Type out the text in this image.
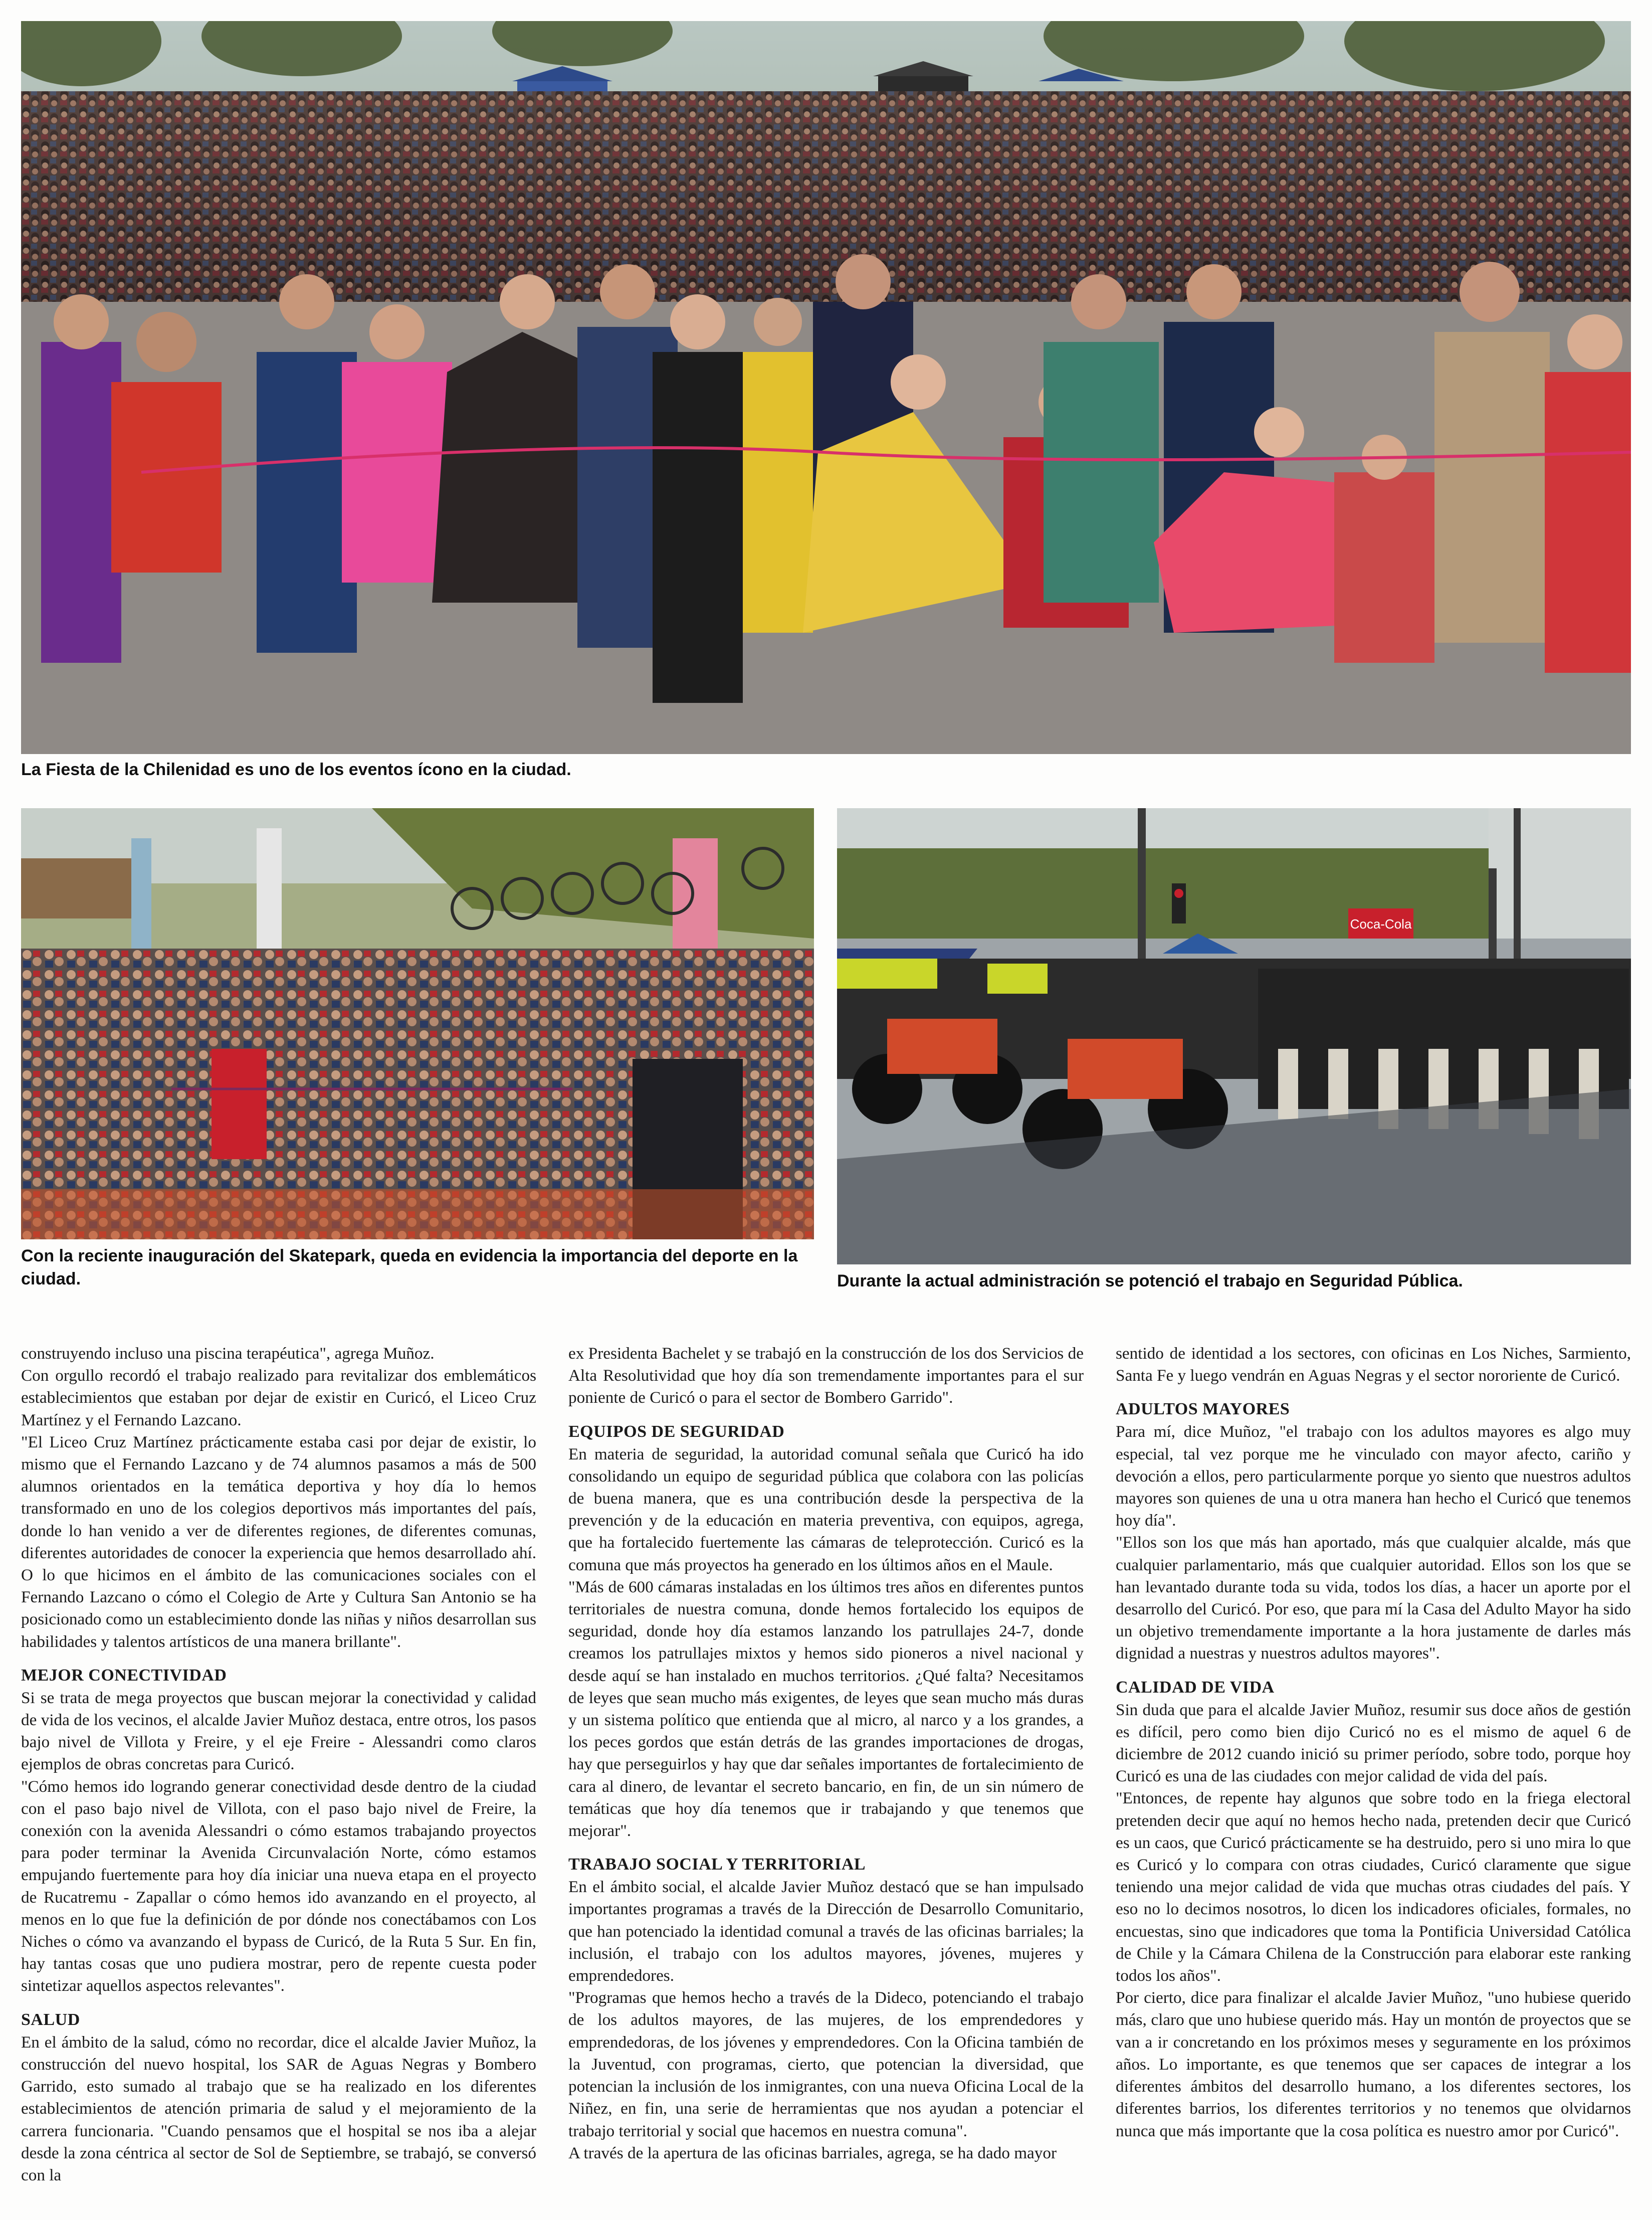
La Fiesta de la Chilenidad es uno de los eventos ícono en la ciudad.

Con la reciente inauguración del Skatepark, queda en evidencia la importancia del deporte en la ciudad.

Coca-Cola

Durante la actual administración se potenció el trabajo en Seguridad Pública.

construyendo incluso una piscina terapéutica", agrega Muñoz.

Con orgullo recordó el trabajo realizado para revitalizar dos emblemáticos establecimientos que estaban por dejar de existir en Curicó, el Liceo Cruz Martínez y el Fernando Lazcano.

"El Liceo Cruz Martínez prácticamente estaba casi por dejar de existir, lo mismo que el Fernando Lazcano y de 74 alumnos pasamos a más de 500 alumnos orientados en la temática deportiva y hoy día lo hemos transformado en uno de los colegios deportivos más importantes del país, donde lo han venido a ver de diferentes regiones, de diferentes comunas, diferentes autoridades de conocer la experiencia que hemos desarrollado ahí. O lo que hicimos en el ámbito de las comunicaciones sociales con el Fernando Lazcano o cómo el Colegio de Arte y Cultura San Antonio se ha posicionado como un establecimiento donde las niñas y niños desarrollan sus habilidades y talentos artísticos de una manera brillante".

MEJOR CONECTIVIDAD

Si se trata de mega proyectos que buscan mejorar la conectividad y calidad de vida de los vecinos, el alcalde Javier Muñoz destaca, entre otros, los pasos bajo nivel de Villota y Freire, y el eje Freire - Alessandri como claros ejemplos de obras concretas para Curicó.

"Cómo hemos ido logrando generar conectividad desde dentro de la ciudad con el paso bajo nivel de Villota, con el paso bajo nivel de Freire, la conexión con la avenida Alessandri o cómo estamos trabajando proyectos para poder terminar la Avenida Circunvalación Norte, cómo estamos empujando fuertemente para hoy día iniciar una nueva etapa en el proyecto de Rucatremu - Zapallar o cómo hemos ido avanzando en el proyecto, al menos en lo que fue la definición de por dónde nos conectábamos con Los Niches o cómo va avanzando el bypass de Curicó, de la Ruta 5 Sur. En fin, hay tantas cosas que uno pudiera mostrar, pero de repente cuesta poder sintetizar aquellos aspectos relevantes".

SALUD

En el ámbito de la salud, cómo no recordar, dice el alcalde Javier Muñoz, la construcción del nuevo hospital, los SAR de Aguas Negras y Bombero Garrido, esto sumado al trabajo que se ha realizado en los diferentes establecimientos de atención primaria de salud y el mejoramiento de la carrera funcionaria. "Cuando pensamos que el hospital se nos iba a alejar desde la zona céntrica al sector de Sol de Septiembre, se trabajó, se conversó con la

ex Presidenta Bachelet y se trabajó en la construcción de los dos Servicios de Alta Resolutividad que hoy día son tremendamente importantes para el sur poniente de Curicó o para el sector de Bombero Garrido".

EQUIPOS DE SEGURIDAD

En materia de seguridad, la autoridad comunal señala que Curicó ha ido consolidando un equipo de seguridad pública que colabora con las policías de buena manera, que es una contribución desde la perspectiva de la prevención y de la educación en materia preventiva, con equipos, agrega, que ha fortalecido fuertemente las cámaras de teleprotección. Curicó es la comuna que más proyectos ha generado en los últimos años en el Maule.

"Más de 600 cámaras instaladas en los últimos tres años en diferentes puntos territoriales de nuestra comuna, donde hemos fortalecido los equipos de seguridad, donde hoy día estamos lanzando los patrullajes 24-7, donde creamos los patrullajes mixtos y hemos sido pioneros a nivel nacional y desde aquí se han instalado en muchos territorios. ¿Qué falta? Necesitamos de leyes que sean mucho más exigentes, de leyes que sean mucho más duras y un sistema político que entienda que al micro, al narco y a los grandes, a los peces gordos que están detrás de las grandes importaciones de drogas, hay que perseguirlos y hay que dar señales importantes de fortalecimiento de cara al dinero, de levantar el secreto bancario, en fin, de un sin número de temáticas que hoy día tenemos que ir trabajando y que tenemos que mejorar".

TRABAJO SOCIAL Y TERRITORIAL

En el ámbito social, el alcalde Javier Muñoz destacó que se han impulsado importantes programas a través de la Dirección de Desarrollo Comunitario, que han potenciado la identidad comunal a través de las oficinas barriales; la inclusión, el trabajo con los adultos mayores, jóvenes, mujeres y emprendedores.

"Programas que hemos hecho a través de la Dideco, potenciando el trabajo de los adultos mayores, de las mujeres, de los emprendedores y emprendedoras, de los jóvenes y emprendedores. Con la Oficina también de la Juventud, con programas, cierto, que potencian la diversidad, que potencian la inclusión de los inmigrantes, con una nueva Oficina Local de la Niñez, en fin, una serie de herramientas que nos ayudan a potenciar el trabajo territorial y social que hacemos en nuestra comuna".

A través de la apertura de las oficinas barriales, agrega, se ha dado mayor

sentido de identidad a los sectores, con oficinas en Los Niches, Sarmiento, Santa Fe y luego vendrán en Aguas Negras y el sector nororiente de Curicó.

ADULTOS MAYORES

Para mí, dice Muñoz, "el trabajo con los adultos mayores es algo muy especial, tal vez porque me he vinculado con mayor afecto, cariño y devoción a ellos, pero particularmente porque yo siento que nuestros adultos mayores son quienes de una u otra manera han hecho el Curicó que tenemos hoy día".

"Ellos son los que más han aportado, más que cualquier alcalde, más que cualquier parlamentario, más que cualquier autoridad. Ellos son los que se han levantado durante toda su vida, todos los días, a hacer un aporte por el desarrollo del Curicó. Por eso, que para mí la Casa del Adulto Mayor ha sido un objetivo tremendamente importante a la hora justamente de darles más dignidad a nuestras y nuestros adultos mayores".

CALIDAD DE VIDA

Sin duda que para el alcalde Javier Muñoz, resumir sus doce años de gestión es difícil, pero como bien dijo Curicó no es el mismo de aquel 6 de diciembre de 2012 cuando inició su primer período, sobre todo, porque hoy Curicó es una de las ciudades con mejor calidad de vida del país.

"Entonces, de repente hay algunos que sobre todo en la friega electoral pretenden decir que aquí no hemos hecho nada, pretenden decir que Curicó es un caos, que Curicó prácticamente se ha destruido, pero si uno mira lo que es Curicó y lo compara con otras ciudades, Curicó claramente que sigue teniendo una mejor calidad de vida que muchas otras ciudades del país. Y eso no lo decimos nosotros, lo dicen los indicadores oficiales, formales, no encuestas, sino que indicadores que toma la Pontificia Universidad Católica de Chile y la Cámara Chilena de la Construcción para elaborar este ranking todos los años".

Por cierto, dice para finalizar el alcalde Javier Muñoz, "uno hubiese querido más, claro que uno hubiese querido más. Hay un montón de proyectos que se van a ir concretando en los próximos meses y seguramente en los próximos años. Lo importante, es que tenemos que ser capaces de integrar a los diferentes ámbitos del desarrollo humano, a los diferentes sectores, los diferentes barrios, los diferentes territorios y no tenemos que olvidarnos nunca que más importante que la cosa política es nuestro amor por Curicó".
